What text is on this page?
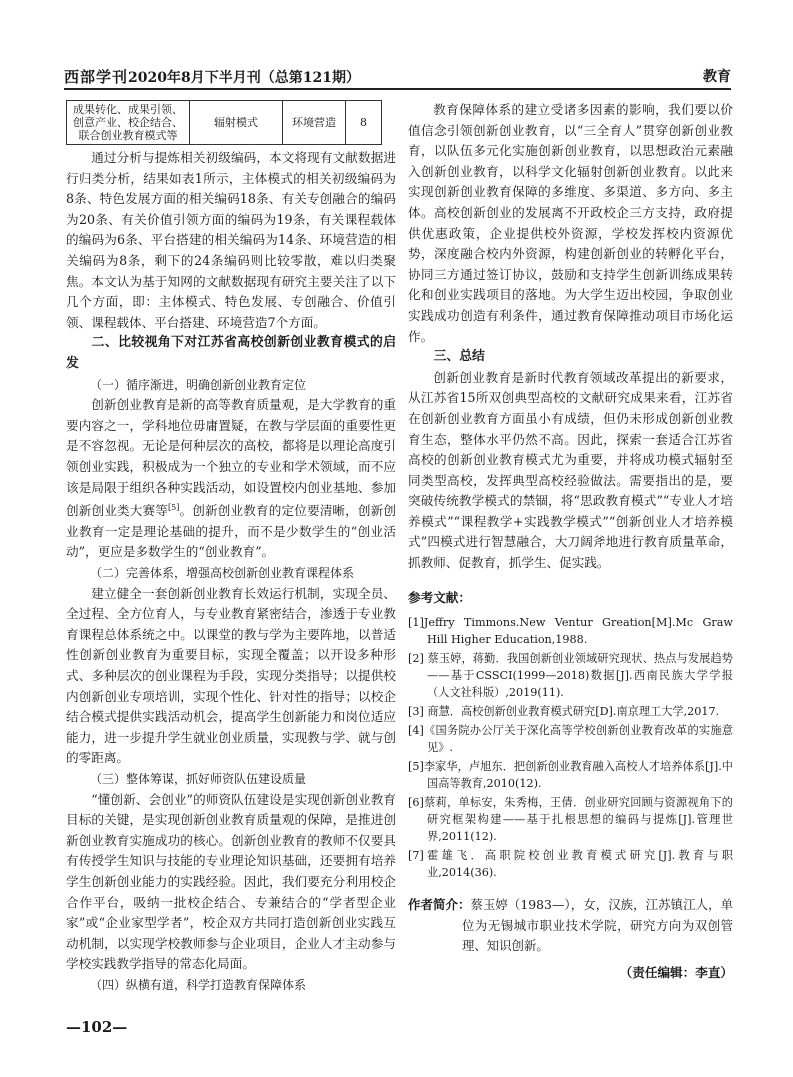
西部学刊2020年8月下半月刊（总第121期）	教育
成果转化、成果引领、创意产业、校企结合、联合创业教育模式等	辐射模式	环境营造	8

通过分析与提炼相关初级编码，本文将现有文献数据进行归类分析，结果如表1所示，主体模式的相关初级编码为8条、特色发展方面的相关编码18条、有关专创融合的编码为20条、有关价值引领方面的编码为19条，有关课程载体的编码为6条、平台搭建的相关编码为14条、环境营造的相关编码为8条，剩下的24条编码则比较零散，难以归类聚焦。本文认为基于知网的文献数据现有研究主要关注了以下几个方面，即：主体模式、特色发展、专创融合、价值引领、课程载体、平台搭建、环境营造7个方面。

二、比较视角下对江苏省高校创新创业教育模式的启发

（一）循序渐进，明确创新创业教育定位

创新创业教育是新的高等教育质量观，是大学教育的重要内容之一，学科地位毋庸置疑，在教与学层面的重要性更是不容忽视。无论是何种层次的高校，都将是以理论高度引领创业实践，积极成为一个独立的专业和学术领域，而不应该是局限于组织各种实践活动，如设置校内创业基地、参加创新创业类大赛等[5]。创新创业教育的定位要清晰，创新创业教育一定是理论基础的提升，而不是少数学生的“创业活动”，更应是多数学生的“创业教育”。

（二）完善体系，增强高校创新创业教育课程体系

建立健全一套创新创业教育长效运行机制，实现全员、全过程、全方位育人，与专业教育紧密结合，渗透于专业教育课程总体系统之中。以课堂的教与学为主要阵地，以普适性创新创业教育为重要目标，实现全覆盖；以开设多种形式、多种层次的创业课程为手段，实现分类指导；以提供校内创新创业专项培训，实现个性化、针对性的指导；以校企结合模式提供实践活动机会，提高学生创新能力和岗位适应能力，进一步提升学生就业创业质量，实现教与学、就与创的零距离。

（三）整体筹谋，抓好师资队伍建设质量

“懂创新、会创业”的师资队伍建设是实现创新创业教育目标的关键，是实现创新创业教育质量观的保障，是推进创新创业教育实施成功的核心。创新创业教育的教师不仅要具有传授学生知识与技能的专业理论知识基础，还要拥有培养学生创新创业能力的实践经验。因此，我们要充分利用校企合作平台，吸纳一批校企结合、专兼结合的“学者型企业家”或“企业家型学者”，校企双方共同打造创新创业实践互动机制，以实现学校教师参与企业项目，企业人才主动参与学校实践教学指导的常态化局面。

（四）纵横有道，科学打造教育保障体系

教育保障体系的建立受诸多因素的影响，我们要以价值信念引领创新创业教育，以“三全育人”贯穿创新创业教育，以队伍多元化实施创新创业教育，以思想政治元素融入创新创业教育，以科学文化辐射创新创业教育。以此来实现创新创业教育保障的多维度、多渠道、多方向、多主体。高校创新创业的发展离不开政校企三方支持，政府提供优惠政策，企业提供校外资源，学校发挥校内资源优势，深度融合校内外资源，构建创新创业的转孵化平台，协同三方通过签订协议，鼓励和支持学生创新训练成果转化和创业实践项目的落地。为大学生迈出校园，争取创业实践成功创造有利条件，通过教育保障推动项目市场化运作。

三、总结

创新创业教育是新时代教育领域改革提出的新要求，从江苏省15所双创典型高校的文献研究成果来看，江苏省在创新创业教育方面虽小有成绩，但仍未形成创新创业教育生态，整体水平仍然不高。因此，探索一套适合江苏省高校的创新创业教育模式尤为重要，并将成功模式辐射至同类型高校，发挥典型高校经验做法。需要指出的是，要突破传统教学模式的禁锢，将“思政教育模式”“专业人才培养模式”“课程教学+实践教学模式”“创新创业人才培养模式”四模式进行智慧融合，大刀阔斧地进行教育质量革命，抓教师、促教育，抓学生、促实践。

参考文献：
[1]Jeffry Timmons.New Ventur Greation[M].Mc Graw Hill Higher Education,1988.
[2] 蔡玉婷，蒋勤．我国创新创业领域研究现状、热点与发展趋势——基于CSSCI(1999—2018)数据[J].西南民族大学学报（人文社科版）,2019(11).
[3] 商慧．高校创新创业教育模式研究[D].南京理工大学,2017.
[4]《国务院办公厅关于深化高等学校创新创业教育改革的实施意见》.
[5]李家华，卢旭东．把创新创业教育融入高校人才培养体系[J].中国高等教育,2010(12).
[6]蔡莉，单标安，朱秀梅，王倩．创业研究回顾与资源视角下的研究框架构建——基于扎根思想的编码与提炼[J].管理世界,2011(12).
[7]霍雄飞．高职院校创业教育模式研究[J].教育与职业,2014(36).

作者简介：蔡玉婷（1983—），女，汉族，江苏镇江人，单位为无锡城市职业技术学院，研究方向为双创管理、知识创新。

（责任编辑：李直）
—102—
